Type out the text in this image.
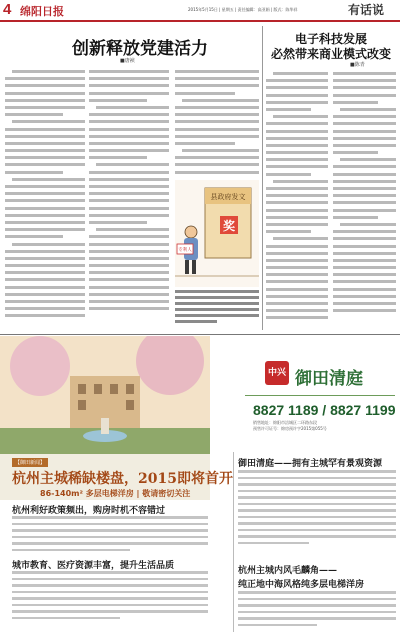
4 绵阳日报	2015年5月15日 | 星期五 | 责任编辑：高亚娟 | 版式：陈华祥	有话说
创新释放党建活力
■唐祯
电子科技发展
必然带来商业模式改变
■陈青
县政府发文
奖
专利人
中兴 御田清庭
8827 1189 / 8827 1199
销售地址：绵阳市涪城区二环路东段
预售许可证号：绵房预许字2015第055号
【御田新闻】
杭州主城稀缺楼盘，2015即将首开
86-140m² 多层电梯洋房 | 敬请密切关注
杭州利好政策频出，购房时机不容错过
城市教育、医疗资源丰富，提升生活品质
御田清庭——拥有主城罕有景观资源
杭州主城内风毛麟角——
纯正地中海风格纯多层电梯洋房
